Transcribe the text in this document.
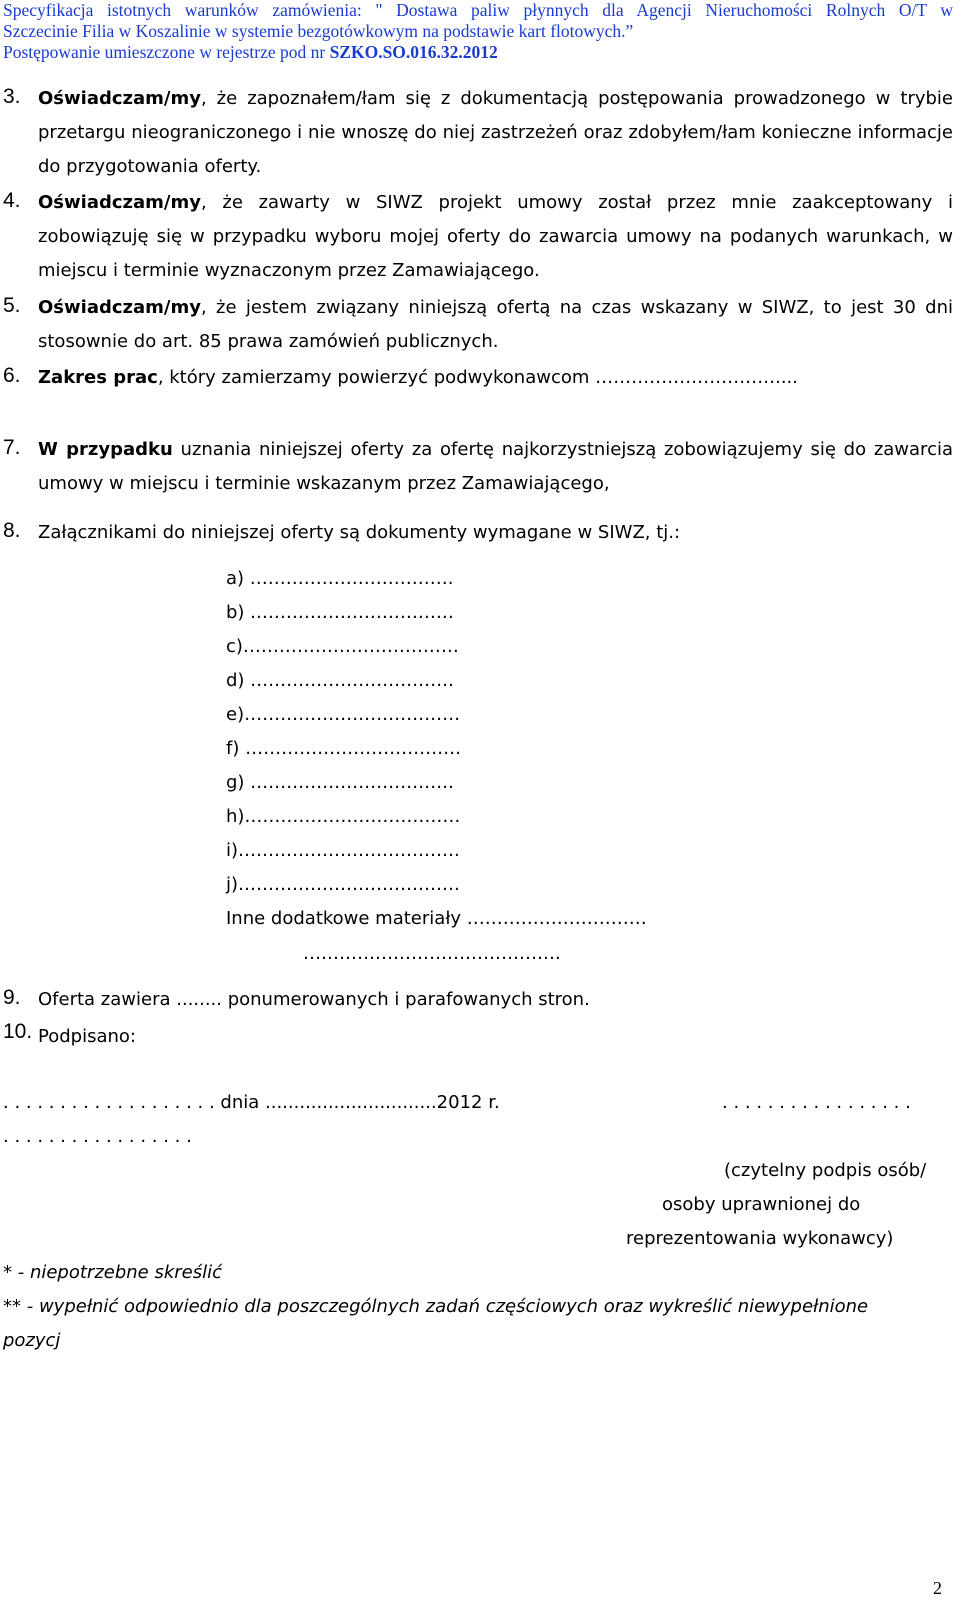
Specyfikacja istotnych warunków zamówienia: " Dostawa paliw płynnych dla Agencji Nieruchomości Rolnych O/T w
Szczecinie Filia w Koszalinie w systemie bezgotówkowym na podstawie kart flotowych.”
Postępowanie umieszczone w rejestrze pod nr SZKO.SO.016.32.2012
3. Oświadczam/my, że zapoznałem/łam się z dokumentacją postępowania prowadzonego w trybie przetargu nieograniczonego i nie wnoszę do niej zastrzeżeń oraz zdobyłem/łam konieczne informacje do przygotowania oferty.
4. Oświadczam/my, że zawarty w SIWZ projekt umowy został przez mnie zaakceptowany i zobowiązuję się w przypadku wyboru mojej oferty do zawarcia umowy na podanych warunkach, w miejscu i terminie wyznaczonym przez Zamawiającego.
5. Oświadczam/my, że jestem związany niniejszą ofertą na czas wskazany w SIWZ, to jest 30 dni stosownie do art. 85 prawa zamówień publicznych.
6. Zakres prac, który zamierzamy powierzyć podwykonawcom …………………………....
7. W przypadku uznania niniejszej oferty za ofertę najkorzystniejszą zobowiązujemy się do zawarcia umowy w miejscu i terminie wskazanym przez Zamawiającego,
8. Załącznikami do niniejszej oferty są dokumenty wymagane w SIWZ, tj.:
a) …………………………….
b) .……………………………
c)………………………………
d) …………………………….
e)………………………………
f) ………………………………
g) …………………………….
h)………………………………
i)……………………………….
j)……………………………….
Inne dodatkowe materiały …………………………
…………………………………….
9. Oferta zawiera ........ ponumerowanych i parafowanych stron.
10. Podpisano:
. . . . . . . . . . . . . . . . . . . dnia ..............................2012 r.	. . . . . . . . . . . . . . . . .
. . . . . . . . . . . . . . . . .
(czytelny podpis osób/
osoby uprawnionej do
reprezentowania wykonawcy)
* - niepotrzebne skreślić
** - wypełnić odpowiednio dla poszczególnych zadań częściowych oraz wykreślić niewypełnione
pozycj
2
